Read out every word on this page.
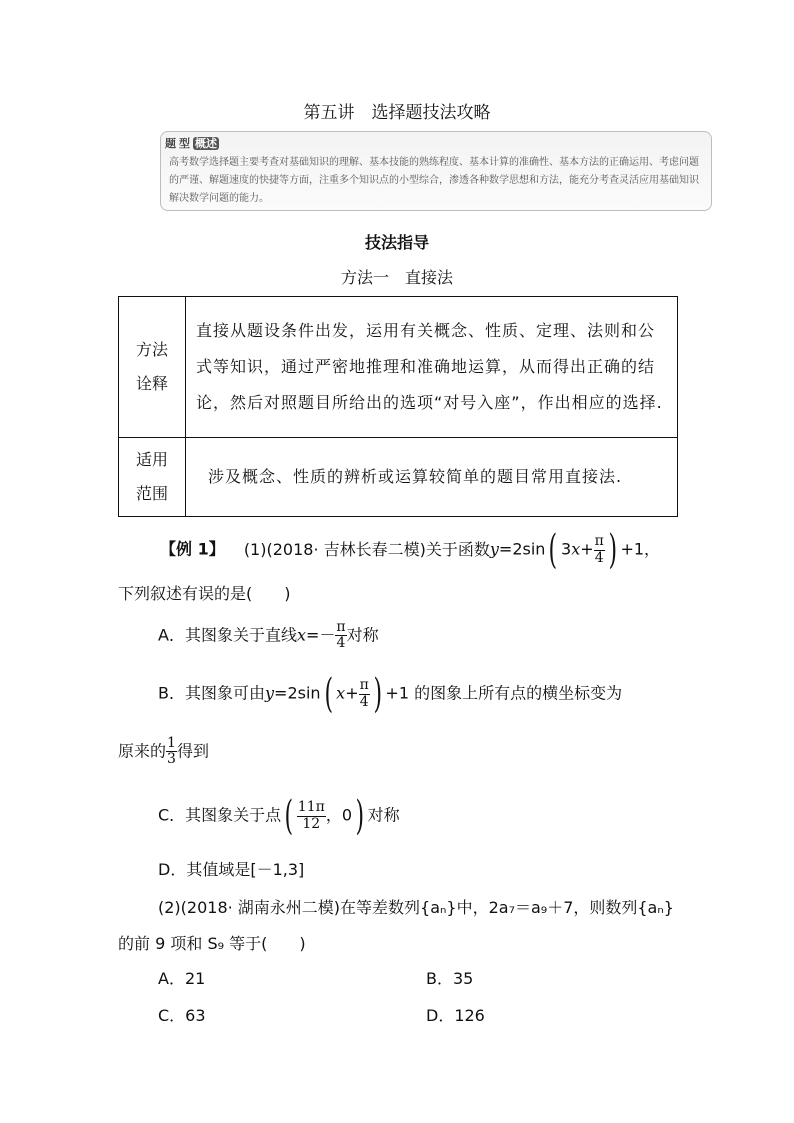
第五讲　选择题技法攻略
题型 概述
高考数学选择题主要考查对基础知识的理解、基本技能的熟练程度、基本计算的准确性、基本方法的正确运用、考虑问题的严谨、解题速度的快捷等方面，注重多个知识点的小型综合，渗透各种数学思想和方法，能充分考查灵活应用基础知识解决数学问题的能力。
技法指导
方法一　直接法
方法
诠释	直接从题设条件出发，运用有关概念、性质、定理、法则和公式等知识，通过严密地推理和准确地运算，从而得出正确的结论，然后对照题目所给出的选项“对号入座”，作出相应的选择.

适用
范围	涉及概念、性质的辨析或运算较简单的题目常用直接法.
【例 1】 (1)(2018· 吉林长春二模)关于函数y=2sin( $3x+ \frac{\pi}{4}$ ) +1，
下列叙述有误的是(　　)
A．其图象关于直线$x=- \frac{\pi}{4}$ 对称
B．其图象可由y=2sin( $x+ \frac{\pi}{4}$ ) +1 的图象上所有点的横坐标变为
原来的 $\frac{1}{3}$ 得到
C．其图象关于点( $\frac{11\pi}{12}$ ，0) 对称
D．其值域是[－1,3]
(2)(2018· 湖南永州二模)在等差数列{aₙ}中，2a₇＝a₉＋7，则数列{aₙ}
的前 9 项和 S₉ 等于(　　)
A．21	B．35
C．63	D．126
